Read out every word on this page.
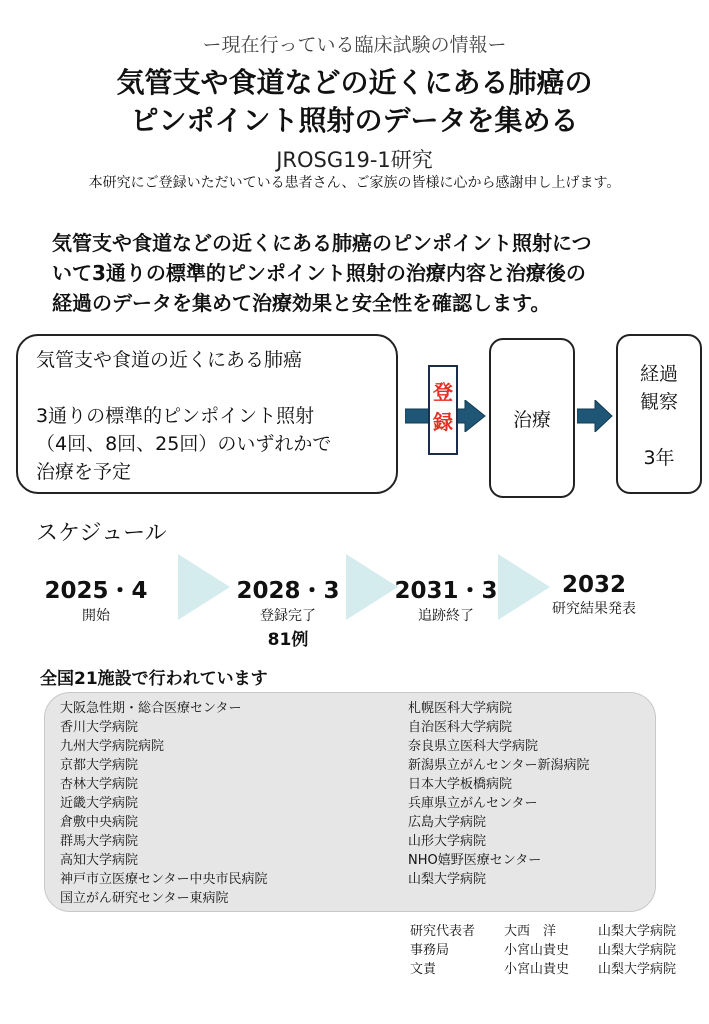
ー現在行っている臨床試験の情報ー
気管支や食道などの近くにある肺癌の
ピンポイント照射のデータを集める
JROSG19-1研究
本研究にご登録いただいている患者さん、ご家族の皆様に心から感謝申し上げます。
気管支や食道などの近くにある肺癌のピンポイント照射につ
いて3通りの標準的ピンポイント照射の治療内容と治療後の
経過のデータを集めて治療効果と安全性を確認します。

気管支や食道の近くにある肺癌

3通りの標準的ピンポイント照射

（4回、8回、25回）のいずれかで

治療を予定

登
録	治療
経過
観察
3年
スケジュール
2025・4
開始
2028・3
登録完了
81例
2031・3
追跡終了
2032
研究結果発表
全国21施設で行われています
大阪急性期・総合医療センター
香川大学病院
九州大学病院病院
京都大学病院
杏林大学病院
近畿大学病院
倉敷中央病院
群馬大学病院
高知大学病院
神戸市立医療センター中央市民病院
国立がん研究センター東病院
札幌医科大学病院
自治医科大学病院
奈良県立医科大学病院
新潟県立がんセンター新潟病院
日本大学板橋病院
兵庫県立がんセンター
広島大学病院
山形大学病院
NHO嬉野医療センター
山梨大学病院
研究代表者	大西　洋	山梨大学病院
事務局	小宮山貴史	山梨大学病院
文責	小宮山貴史	山梨大学病院
